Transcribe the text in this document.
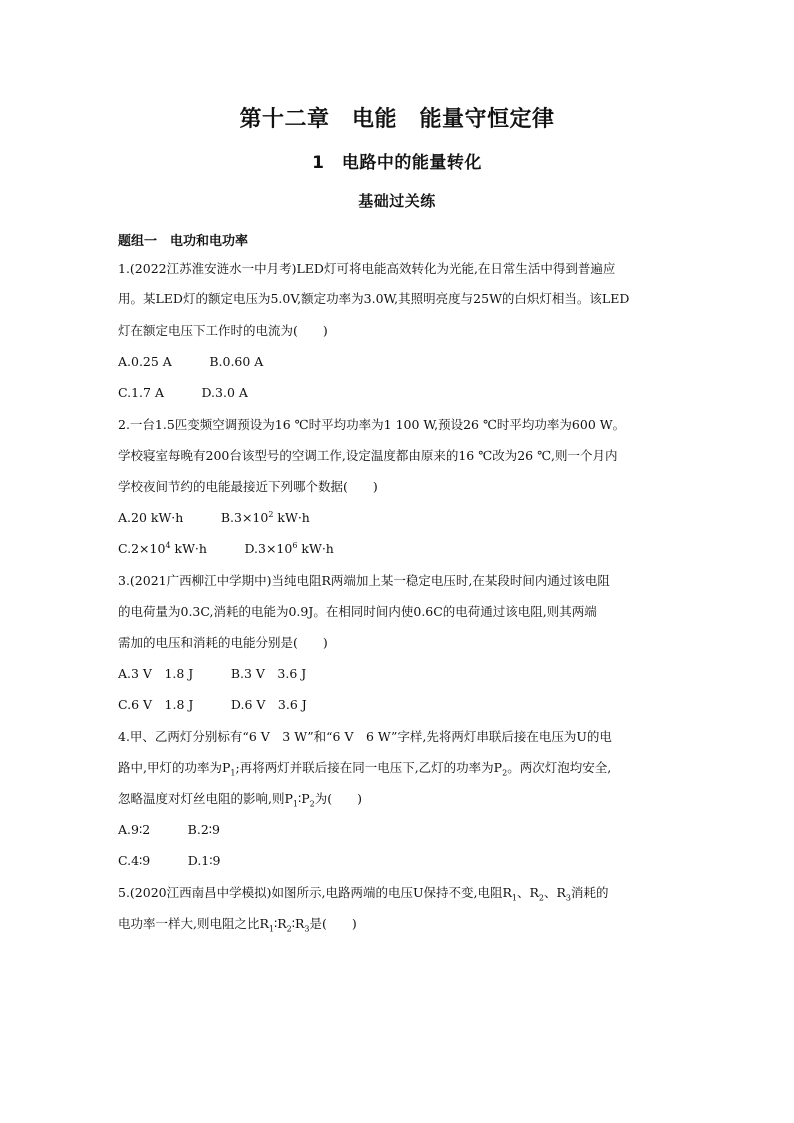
第十二章　电能　能量守恒定律
1　电路中的能量转化
基础过关练
题组一　电功和电功率
1.(2022江苏淮安涟水一中月考)LED灯可将电能高效转化为光能,在日常生活中得到普遍应
用。某LED灯的额定电压为5.0V,额定功率为3.0W,其照明亮度与25W的白炽灯相当。该LED
灯在额定电压下工作时的电流为(　　)
A.0.25 A　　　B.0.60 A
C.1.7 A　　　D.3.0 A
2.一台1.5匹变频空调预设为16 ℃时平均功率为1 100 W,预设26 ℃时平均功率为600 W。
学校寝室每晚有200台该型号的空调工作,设定温度都由原来的16 ℃改为26 ℃,则一个月内
学校夜间节约的电能最接近下列哪个数据(　　)
A.20 kW·h　　　$B.3\times 10^2$ kW·h
$C.2\times 10^4$ kW·h　　　$D.3\times 10^6$ kW·h
3.(2021广西柳江中学期中)当纯电阻R两端加上某一稳定电压时,在某段时间内通过该电阻
的电荷量为0.3C,消耗的电能为0.9J。在相同时间内使0.6C的电荷通过该电阻,则其两端
需加的电压和消耗的电能分别是(　　)
A.3 V　1.8 J　　　B.3 V　3.6 J
C.6 V　1.8 J　　　D.6 V　3.6 J
4.甲、乙两灯分别标有“6 V　3 W”和“6 V　6 W”字样,先将两灯串联后接在电压为U的电
路中,甲灯的功率为$P_1$;再将两灯并联后接在同一电压下,乙灯的功率为$P_2$。两次灯泡均安全,
忽略温度对灯丝电阻的影响,则$P_1∶P_2$为(　　)
A.9∶2　　　B.2∶9
C.4∶9　　　D.1∶9
5.(2020江西南昌中学模拟)如图所示,电路两端的电压U保持不变,电阻$R_1$、$R_2$、$R_3$消耗的
电功率一样大,则电阻之比$R_1∶R_2∶R_3$是(　　)
